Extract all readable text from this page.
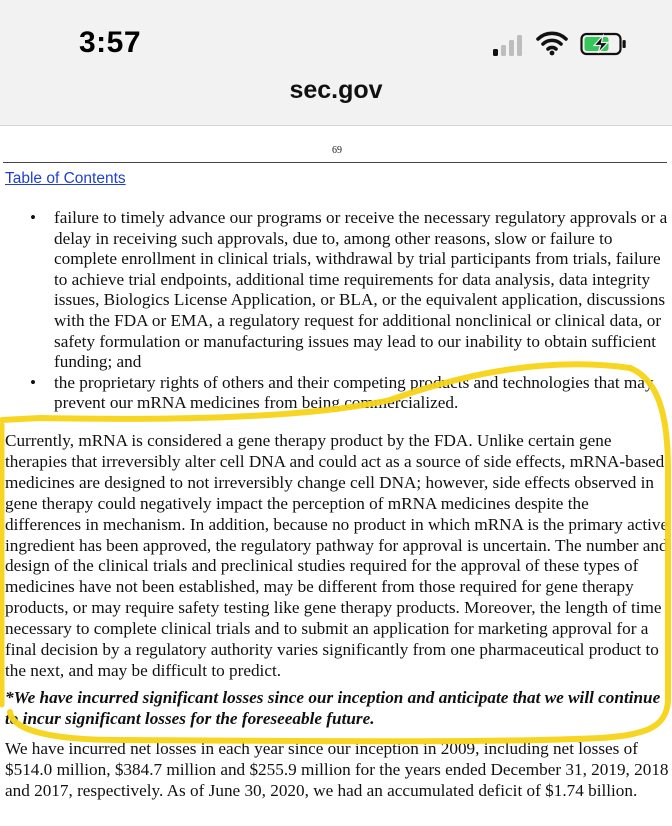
3:57
sec.gov
69
Table of Contents
• failure to timely advance our programs or receive the necessary regulatory approvals or a delay in receiving such approvals, due to, among other reasons, slow or failure to complete enrollment in clinical trials, withdrawal by trial participants from trials, failure to achieve trial endpoints, additional time requirements for data analysis, data integrity issues, Biologics License Application, or BLA, or the equivalent application, discussions with the FDA or EMA, a regulatory request for additional nonclinical or clinical data, or safety formulation or manufacturing issues may lead to our inability to obtain sufficient funding; and
• the proprietary rights of others and their competing products and technologies that may prevent our mRNA medicines from being commercialized.

Currently, mRNA is considered a gene therapy product by the FDA. Unlike certain gene therapies that irreversibly alter cell DNA and could act as a source of side effects, mRNA-based medicines are designed to not irreversibly change cell DNA; however, side effects observed in gene therapy could negatively impact the perception of mRNA medicines despite the differences in mechanism. In addition, because no product in which mRNA is the primary active ingredient has been approved, the regulatory pathway for approval is uncertain. The number and design of the clinical trials and preclinical studies required for the approval of these types of medicines have not been established, may be different from those required for gene therapy products, or may require safety testing like gene therapy products. Moreover, the length of time necessary to complete clinical trials and to submit an application for marketing approval for a final decision by a regulatory authority varies significantly from one pharmaceutical product to the next, and may be difficult to predict.

*We have incurred significant losses since our inception and anticipate that we will continue to incur significant losses for the foreseeable future.

We have incurred net losses in each year since our inception in 2009, including net losses of $514.0 million, $384.7 million and $255.9 million for the years ended December 31, 2019, 2018 and 2017, respectively. As of June 30, 2020, we had an accumulated deficit of $1.74 billion.
